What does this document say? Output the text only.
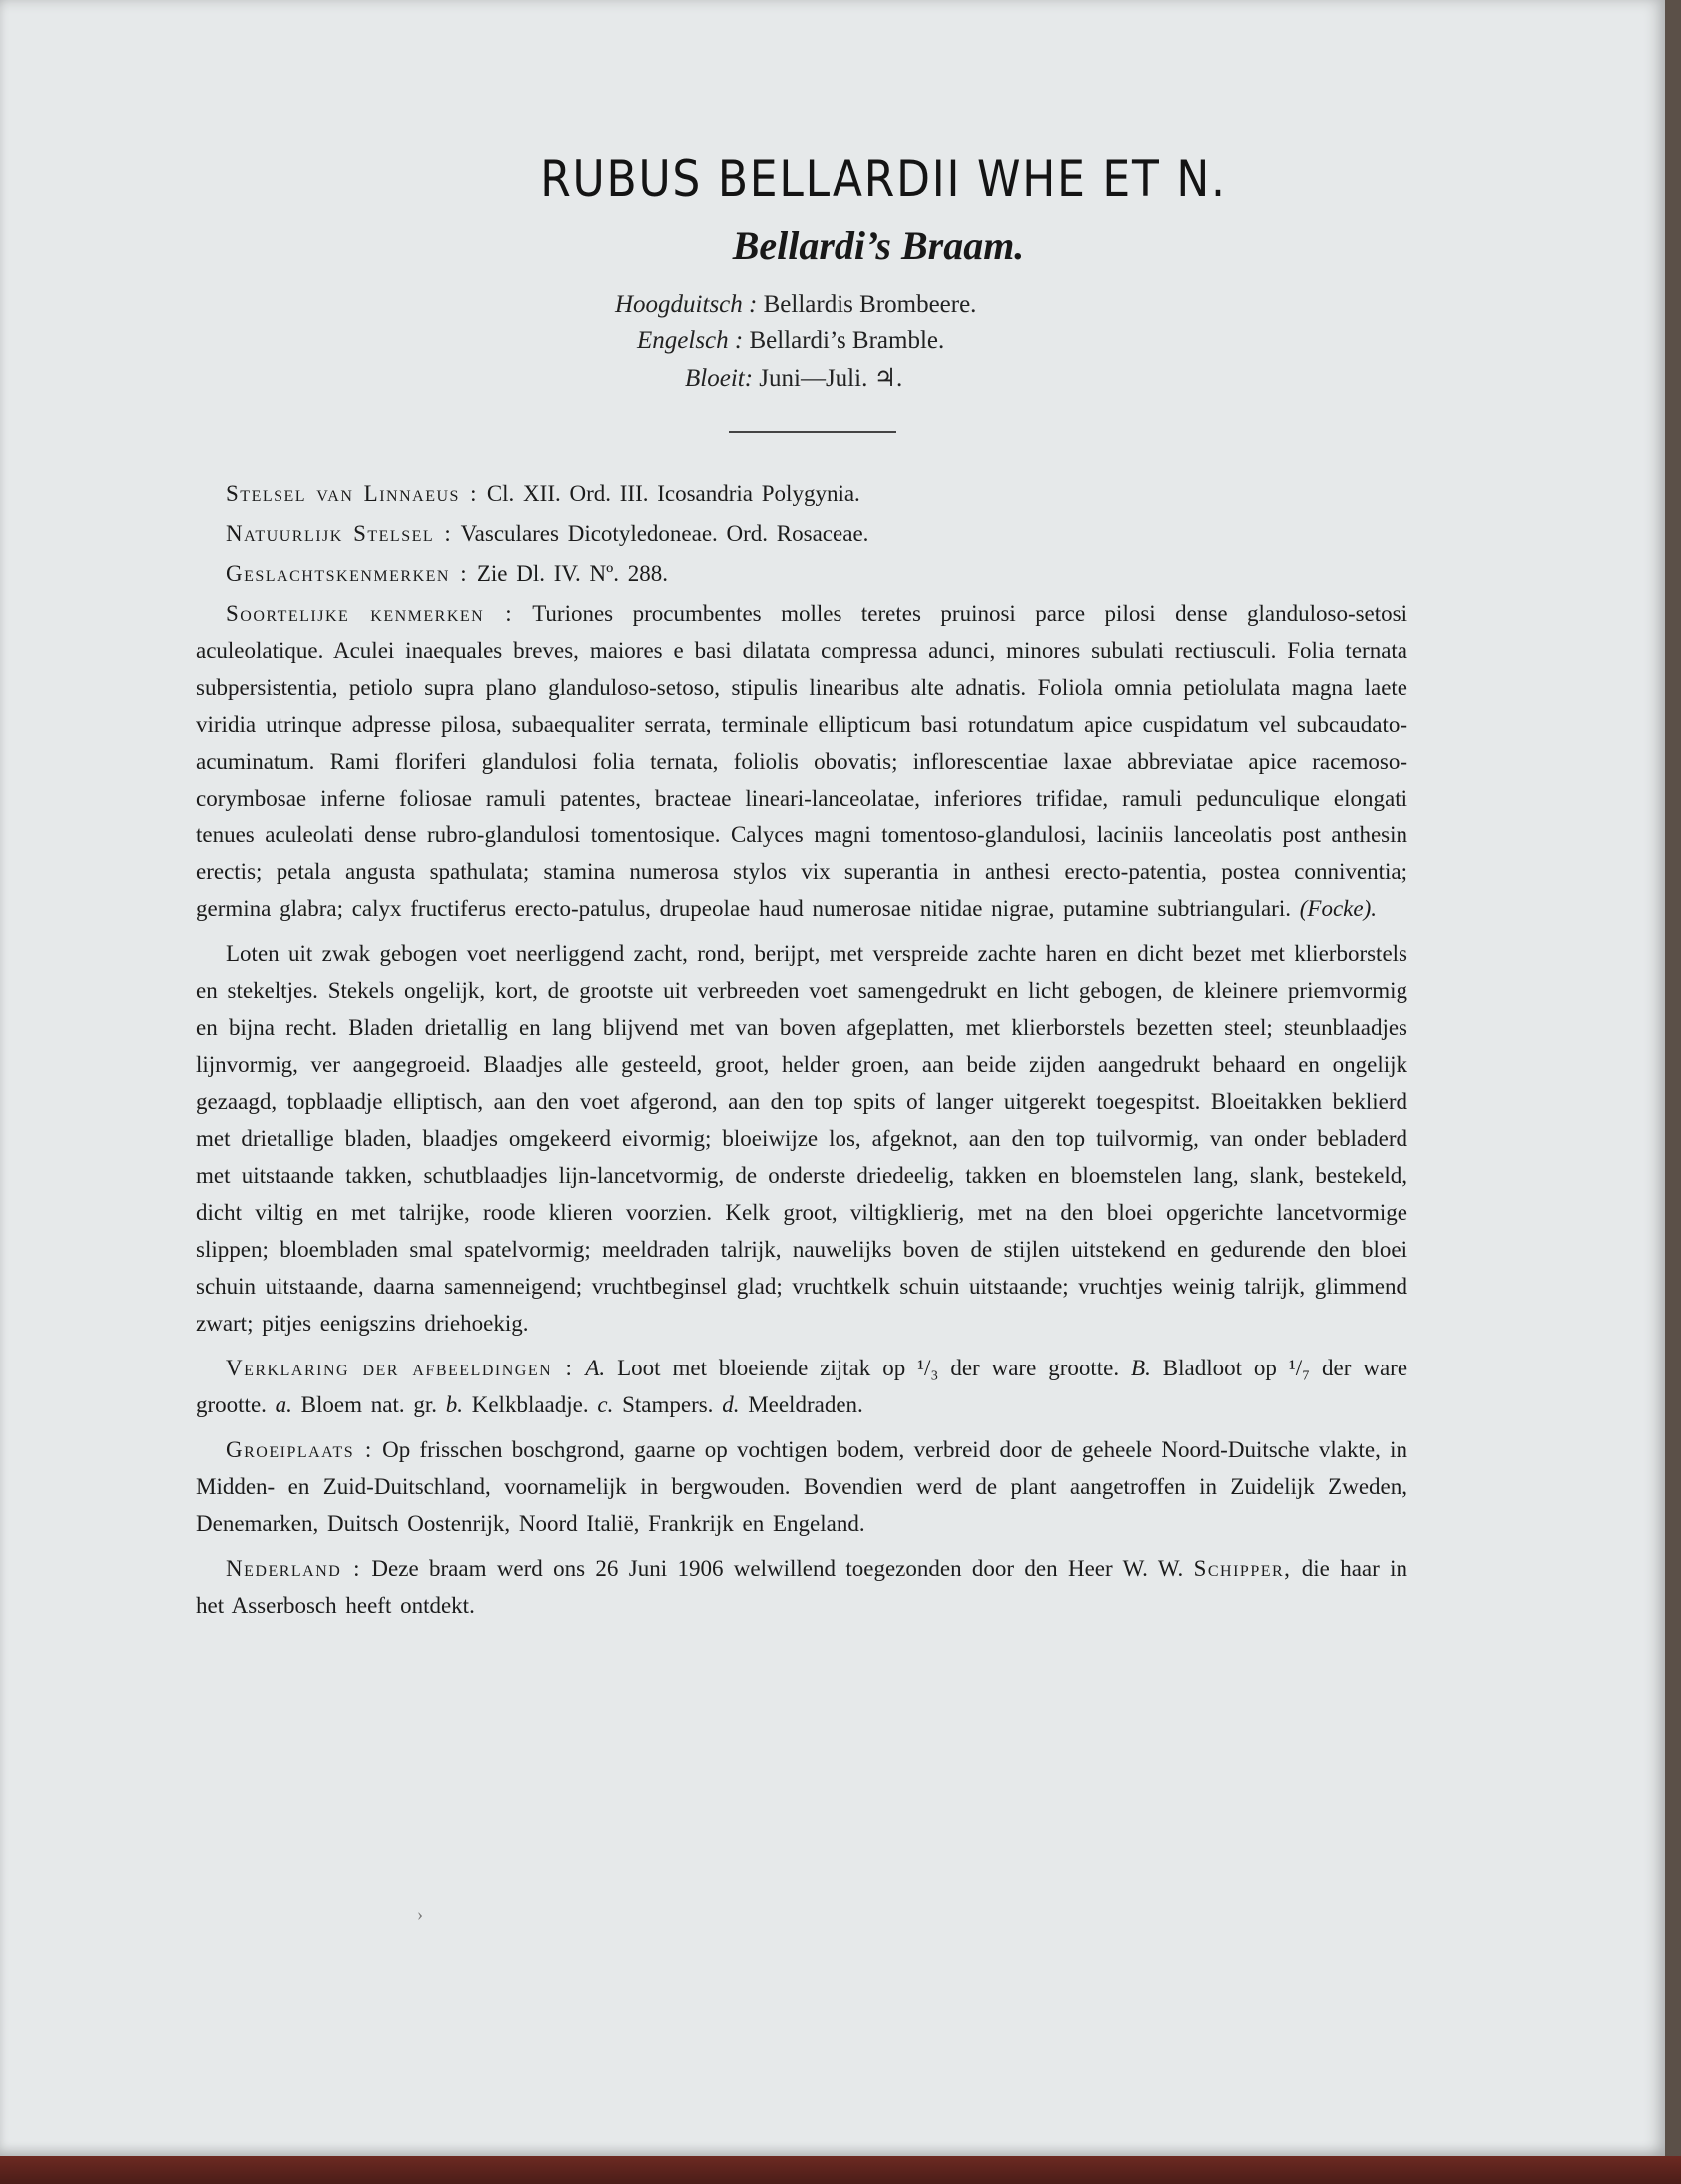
RUBUS BELLARDII WHE ET N.
Bellardi’s Braam.
Hoogduitsch : Bellardis Brombeere.
Engelsch : Bellardi’s Bramble.
Bloeit: Juni—Juli. ♃.

Stelsel van Linnaeus : Cl. XII. Ord. III. Icosandria Polygynia.

Natuurlijk Stelsel : Vasculares Dicotyledoneae. Ord. Rosaceae.

Geslachtskenmerken : Zie Dl. IV. Nº. 288.

Soortelijke kenmerken : Turiones procumbentes molles teretes pruinosi parce pilosi dense glanduloso-setosi aculeolatique. Aculei inaequales breves, maiores e basi dilatata compressa adunci, minores subulati rectiusculi. Folia ternata subpersistentia, petiolo supra plano glanduloso-setoso, stipulis linearibus alte adnatis. Foliola omnia petiolulata magna laete viridia utrinque adpresse pilosa, subaequaliter serrata, terminale ellipticum basi rotundatum apice cuspidatum vel subcaudato-acuminatum. Rami floriferi glandulosi folia ternata, foliolis obovatis; inflorescentiae laxae abbreviatae apice racemoso-corymbosae inferne foliosae ramuli patentes, bracteae lineari-lanceolatae, inferiores trifidae, ramuli pedunculique elongati tenues aculeolati dense rubro-glandulosi tomentosique. Calyces magni tomentoso-glandulosi, laciniis lanceolatis post anthesin erectis; petala angusta spathulata; stamina numerosa stylos vix superantia in anthesi erecto-patentia, postea conniventia; germina glabra; calyx fructiferus erecto-patulus, drupeolae haud numerosae nitidae nigrae, putamine subtriangulari. (Focke).

Loten uit zwak gebogen voet neerliggend zacht, rond, berijpt, met verspreide zachte haren en dicht bezet met klierborstels en stekeltjes. Stekels ongelijk, kort, de grootste uit verbreeden voet samengedrukt en licht gebogen, de kleinere priemvormig en bijna recht. Bladen drietallig en lang blijvend met van boven afgeplatten, met klierborstels bezetten steel; steunblaadjes lijnvormig, ver aangegroeid. Blaadjes alle gesteeld, groot, helder groen, aan beide zijden aangedrukt behaard en ongelijk gezaagd, topblaadje elliptisch, aan den voet afgerond, aan den top spits of langer uitgerekt toegespitst. Bloeitakken beklierd met drietallige bladen, blaadjes omgekeerd eivormig; bloeiwijze los, afgeknot, aan den top tuilvormig, van onder bebladerd met uitstaande takken, schutblaadjes lijn-lancetvormig, de onderste driedeelig, takken en bloemstelen lang, slank, bestekeld, dicht viltig en met talrijke, roode klieren voorzien. Kelk groot, viltigklierig, met na den bloei opgerichte lancetvormige slippen; bloembladen smal spatelvormig; meeldraden talrijk, nauwelijks boven de stijlen uitstekend en gedurende den bloei schuin uitstaande, daarna samenneigend; vruchtbeginsel glad; vruchtkelk schuin uitstaande; vruchtjes weinig talrijk, glimmend zwart; pitjes eenigszins driehoekig.

Verklaring der afbeeldingen : A. Loot met bloeiende zijtak op ¹/₃ der ware grootte. B. Bladloot op ¹/₇ der ware grootte. a. Bloem nat. gr. b. Kelkblaadje. c. Stampers. d. Meeldraden.

Groeiplaats : Op frisschen boschgrond, gaarne op vochtigen bodem, verbreid door de geheele Noord-Duitsche vlakte, in Midden- en Zuid-Duitschland, voornamelijk in bergwouden. Bovendien werd de plant aangetroffen in Zuidelijk Zweden, Denemarken, Duitsch Oostenrijk, Noord Italië, Frankrijk en Engeland.

Nederland : Deze braam werd ons 26 Juni 1906 welwillend toegezonden door den Heer W. W. Schipper, die haar in het Asserbosch heeft ontdekt.

›
